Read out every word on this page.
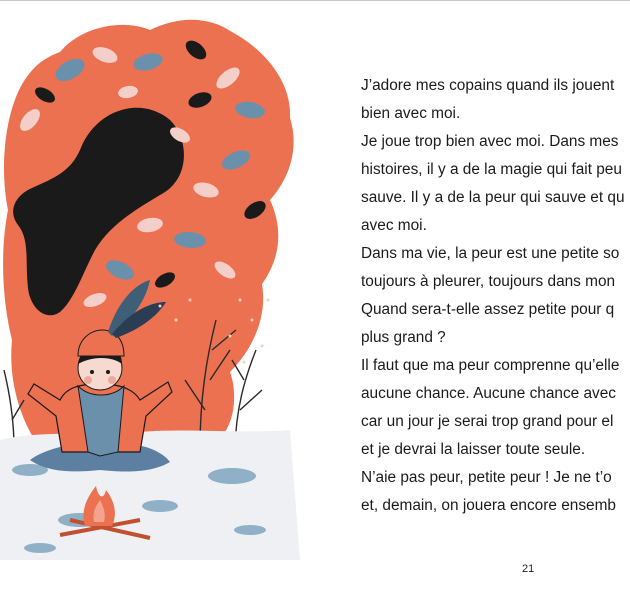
J’adore mes copains quand ils jouent
bien avec moi.
Je joue trop bien avec moi. Dans mes
histoires, il y a de la magie qui fait peu
sauve. Il y a de la peur qui sauve et qu
avec moi.
Dans ma vie, la peur est une petite so
toujours à pleurer, toujours dans mon
Quand sera-t-elle assez petite pour q
plus grand ?
Il faut que ma peur comprenne qu’elle
aucune chance. Aucune chance avec
car un jour je serai trop grand pour el
et je devrai la laisser toute seule.
N’aie pas peur, petite peur ! Je ne t’o
et, demain, on jouera encore ensemb
21
